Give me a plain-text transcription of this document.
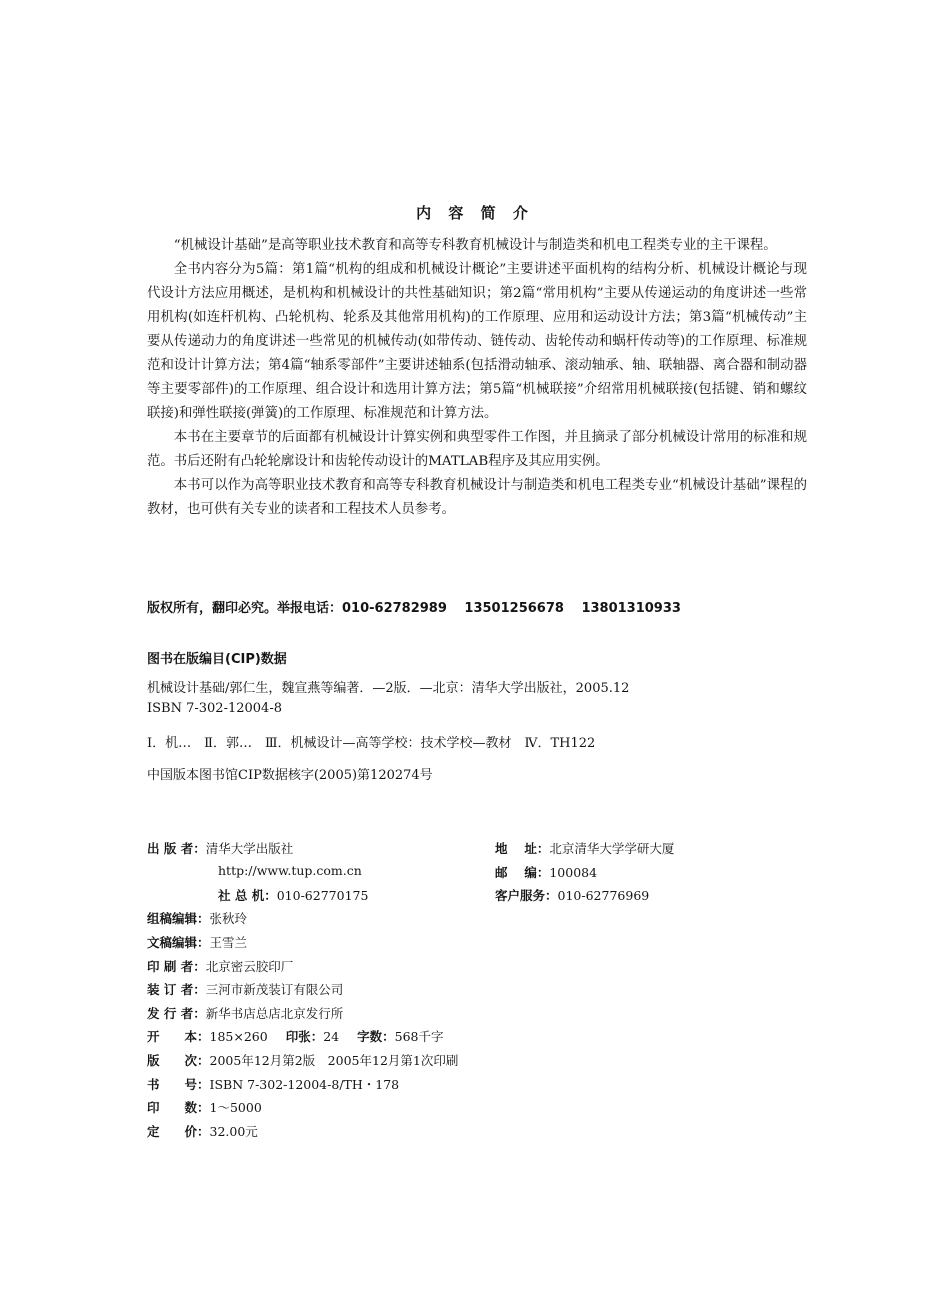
内 容 简 介

“机械设计基础”是高等职业技术教育和高等专科教育机械设计与制造类和机电工程类专业的主干课程。

全书内容分为5篇：第1篇“机构的组成和机械设计概论”主要讲述平面机构的结构分析、机械设计概论与现代设计方法应用概述，是机构和机械设计的共性基础知识；第2篇“常用机构”主要从传递运动的角度讲述一些常用机构(如连杆机构、凸轮机构、轮系及其他常用机构)的工作原理、应用和运动设计方法；第3篇“机械传动”主要从传递动力的角度讲述一些常见的机械传动(如带传动、链传动、齿轮传动和蜗杆传动等)的工作原理、标准规范和设计计算方法；第4篇“轴系零部件”主要讲述轴系(包括滑动轴承、滚动轴承、轴、联轴器、离合器和制动器等主要零部件)的工作原理、组合设计和选用计算方法；第5篇“机械联接”介绍常用机械联接(包括键、销和螺纹联接)和弹性联接(弹簧)的工作原理、标准规范和计算方法。

本书在主要章节的后面都有机械设计计算实例和典型零件工作图，并且摘录了部分机械设计常用的标准和规范。书后还附有凸轮轮廓设计和齿轮传动设计的MATLAB程序及其应用实例。

本书可以作为高等职业技术教育和高等专科教育机械设计与制造类和机电工程类专业“机械设计基础”课程的教材，也可供有关专业的读者和工程技术人员参考。

版权所有，翻印必究。举报电话：010-62782989　 13501256678　 13801310933
图书在版编目(CIP)数据
机械设计基础/郭仁生，魏宣燕等编著．—2版．—北京：清华大学出版社，2005.12
ISBN 7-302-12004-8
Ⅰ．机…　Ⅱ．郭…　Ⅲ．机械设计—高等学校：技术学校—教材　Ⅳ．TH122
中国版本图书馆CIP数据核字(2005)第120274号
出 版 者：清华大学出版社	地　 址：北京清华大学学研大厦
http://www.tup.com.cn	邮　 编：100084
社 总 机：010-62770175	客户服务：010-62776969
组稿编辑：张秋玲
文稿编辑：王雪兰
印 刷 者：北京密云胶印厂
装 订 者：三河市新茂装订有限公司
发 行 者：新华书店总店北京发行所
开　　本：185×260 印张：24 字数：568千字
版　　次：2005年12月第2版　2005年12月第1次印刷
书　　号：ISBN 7-302-12004-8/TH・178
印　　数：1～5000
定　　价：32.00元
